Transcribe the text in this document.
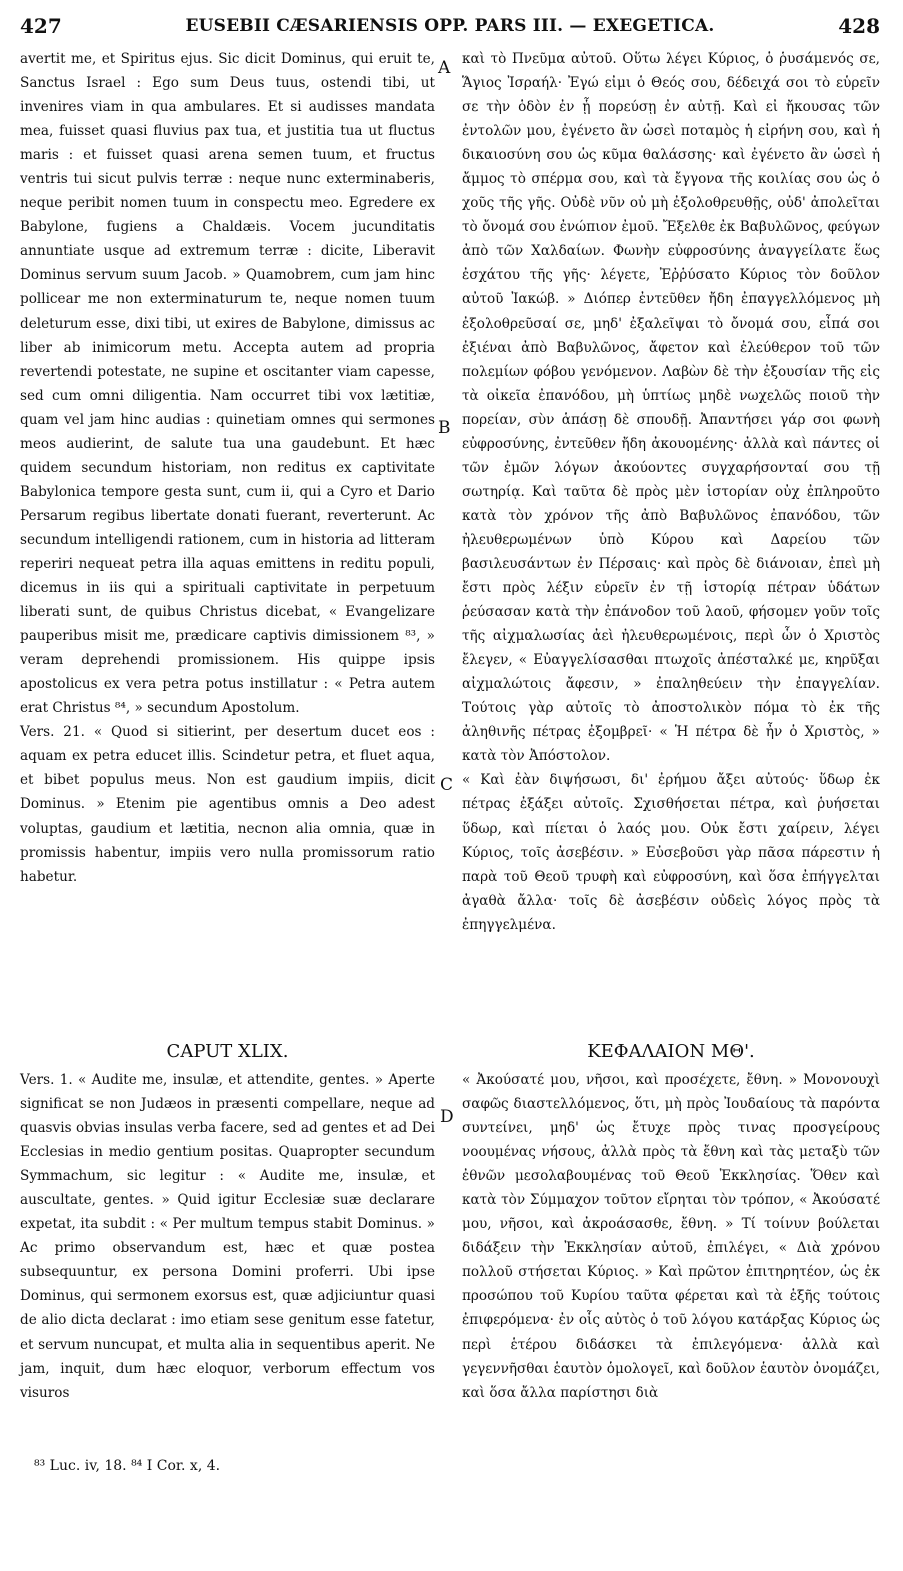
427	EUSEBII CÆSARIENSIS OPP. PARS III. — EXEGETICA.	428
A
B
C
D

avertit me, et Spiritus ejus. Sic dicit Dominus, qui eruit te, Sanctus Israel : Ego sum Deus tuus, ostendi tibi, ut invenires viam in qua ambulares. Et si audisses mandata mea, fuisset quasi fluvius pax tua, et justitia tua ut fluctus maris : et fuisset quasi arena semen tuum, et fructus ventris tui sicut pulvis terræ : neque nunc exterminaberis, neque peribit nomen tuum in conspectu meo. Egredere ex Babylone, fugiens a Chaldæis. Vocem jucunditatis annuntiate usque ad extremum terræ : dicite, Liberavit Dominus servum suum Jacob. » Quamobrem, cum jam hinc pollicear me non exterminaturum te, neque nomen tuum deleturum esse, dixi tibi, ut exires de Babylone, dimissus ac liber ab inimicorum metu. Accepta autem ad propria revertendi potestate, ne supine et oscitanter viam capesse, sed cum omni diligentia. Nam occurret tibi vox lætitiæ, quam vel jam hinc audias : quinetiam omnes qui sermones meos audierint, de salute tua una gaudebunt. Et hæc quidem secundum historiam, non reditus ex captivitate Babylonica tempore gesta sunt, cum ii, qui a Cyro et Dario Persarum regibus libertate donati fuerant, reverterunt. Ac secundum intelligendi rationem, cum in historia ad litteram reperiri nequeat petra illa aquas emittens in reditu populi, dicemus in iis qui a spirituali captivitate in perpetuum liberati sunt, de quibus Christus dicebat, « Evangelizare pauperibus misit me, prædicare captivis dimissionem ⁸³, » veram deprehendi promissionem. His quippe ipsis apostolicus ex vera petra potus instillatur : « Petra autem erat Christus ⁸⁴, » secundum Apostolum.

Vers. 21. « Quod si sitierint, per desertum ducet eos : aquam ex petra educet illis. Scindetur petra, et fluet aqua, et bibet populus meus. Non est gaudium impiis, dicit Dominus. » Etenim pie agentibus omnis a Deo adest voluptas, gaudium et lætitia, necnon alia omnia, quæ in promissis habentur, impiis vero nulla promissorum ratio habetur.

καὶ τὸ Πνεῦμα αὐτοῦ. Οὕτω λέγει Κύριος, ὁ ῥυσάμενός σε, Ἅγιος Ἰσραήλ· Ἐγώ εἰμι ὁ Θεός σου, δέδειχά σοι τὸ εὑρεῖν σε τὴν ὁδὸν ἐν ᾗ πορεύσῃ ἐν αὐτῇ. Καὶ εἰ ἤκουσας τῶν ἐντολῶν μου, ἐγένετο ἂν ὡσεὶ ποταμὸς ἡ εἰρήνη σου, καὶ ἡ δικαιοσύνη σου ὡς κῦμα θαλάσσης· καὶ ἐγένετο ἂν ὡσεὶ ἡ ἄμμος τὸ σπέρμα σου, καὶ τὰ ἔγγονα τῆς κοιλίας σου ὡς ὁ χοῦς τῆς γῆς. Οὐδὲ νῦν οὐ μὴ ἐξολοθρευθῇς, οὐδ' ἀπολεῖται τὸ ὄνομά σου ἐνώπιον ἐμοῦ. Ἔξελθε ἐκ Βαβυλῶνος, φεύγων ἀπὸ τῶν Χαλδαίων. Φωνὴν εὐφροσύνης ἀναγγείλατε ἕως ἐσχάτου τῆς γῆς· λέγετε, Ἐῤῥύσατο Κύριος τὸν δοῦλον αὐτοῦ Ἰακώβ. » Διόπερ ἐντεῦθεν ἤδη ἐπαγγελλόμενος μὴ ἐξολοθρεῦσαί σε, μηδ' ἐξαλεῖψαι τὸ ὄνομά σου, εἶπά σοι ἐξιέναι ἀπὸ Βαβυλῶνος, ἄφετον καὶ ἐλεύθερον τοῦ τῶν πολεμίων φόβου γενόμενον. Λαβὼν δὲ τὴν ἐξουσίαν τῆς εἰς τὰ οἰκεῖα ἐπανόδου, μὴ ὑπτίως μηδὲ νωχελῶς ποιοῦ τὴν πορείαν, σὺν ἁπάσῃ δὲ σπουδῇ. Ἀπαντήσει γάρ σοι φωνὴ εὐφροσύνης, ἐντεῦθεν ἤδη ἀκουομένης· ἀλλὰ καὶ πάντες οἱ τῶν ἐμῶν λόγων ἀκούοντες συγχαρήσονταί σου τῇ σωτηρίᾳ. Καὶ ταῦτα δὲ πρὸς μὲν ἱστορίαν οὐχ ἐπληροῦτο κατὰ τὸν χρόνον τῆς ἀπὸ Βαβυλῶνος ἐπανόδου, τῶν ἠλευθερωμένων ὑπὸ Κύρου καὶ Δαρείου τῶν βασιλευσάντων ἐν Πέρσαις· καὶ πρὸς δὲ διάνοιαν, ἐπεὶ μὴ ἔστι πρὸς λέξιν εὑρεῖν ἐν τῇ ἱστορίᾳ πέτραν ὑδάτων ῥεύσασαν κατὰ τὴν ἐπάνοδον τοῦ λαοῦ, φήσομεν γοῦν τοῖς τῆς αἰχμαλωσίας ἀεὶ ἠλευθερωμένοις, περὶ ὧν ὁ Χριστὸς ἔλεγεν, « Εὐαγγελίσασθαι πτωχοῖς ἀπέσταλκέ με, κηρῦξαι αἰχμαλώτοις ἄφεσιν, » ἐπαληθεύειν τὴν ἐπαγγελίαν. Τούτοις γὰρ αὐτοῖς τὸ ἀποστολικὸν πόμα τὸ ἐκ τῆς ἀληθινῆς πέτρας ἐξομβρεῖ· « Ἡ πέτρα δὲ ἦν ὁ Χριστὸς, » κατὰ τὸν Ἀπόστολον.

« Καὶ ἐὰν διψήσωσι, δι' ἐρήμου ἄξει αὐτούς· ὕδωρ ἐκ πέτρας ἐξάξει αὐτοῖς. Σχισθήσεται πέτρα, καὶ ῥυήσεται ὕδωρ, καὶ πίεται ὁ λαός μου. Οὐκ ἔστι χαίρειν, λέγει Κύριος, τοῖς ἀσεβέσιν. » Εὐσεβοῦσι γὰρ πᾶσα πάρεστιν ἡ παρὰ τοῦ Θεοῦ τρυφὴ καὶ εὐφροσύνη, καὶ ὅσα ἐπήγγελται ἀγαθὰ ἄλλα· τοῖς δὲ ἀσεβέσιν οὐδεὶς λόγος πρὸς τὰ ἐπηγγελμένα.

CAPUT XLIX.	ΚΕΦΑΛΑΙΟΝ ΜΘ'.

Vers. 1. « Audite me, insulæ, et attendite, gentes. » Aperte significat se non Judæos in præsenti compellare, neque ad quasvis obvias insulas verba facere, sed ad gentes et ad Dei Ecclesias in medio gentium positas. Quapropter secundum Symmachum, sic legitur : « Audite me, insulæ, et auscultate, gentes. » Quid igitur Ecclesiæ suæ declarare expetat, ita subdit : « Per multum tempus stabit Dominus. » Ac primo observandum est, hæc et quæ postea subsequuntur, ex persona Domini proferri. Ubi ipse Dominus, qui sermonem exorsus est, quæ adjiciuntur quasi de alio dicta declarat : imo etiam sese genitum esse fatetur, et servum nuncupat, et multa alia in sequentibus aperit. Ne jam, inquit, dum hæc eloquor, verborum effectum vos visuros

« Ἀκούσατέ μου, νῆσοι, καὶ προσέχετε, ἔθνη. » Μονονουχὶ σαφῶς διαστελλόμενος, ὅτι, μὴ πρὸς Ἰουδαίους τὰ παρόντα συντείνει, μηδ' ὡς ἔτυχε πρὸς τινας προσγείρους νοουμένας νήσους, ἀλλὰ πρὸς τὰ ἔθνη καὶ τὰς μεταξὺ τῶν ἐθνῶν μεσολαβουμένας τοῦ Θεοῦ Ἐκκλησίας. Ὅθεν καὶ κατὰ τὸν Σύμμαχον τοῦτον εἴρηται τὸν τρόπον, « Ἀκούσατέ μου, νῆσοι, καὶ ἀκροάσασθε, ἔθνη. » Τί τοίνυν βούλεται διδάξειν τὴν Ἐκκλησίαν αὐτοῦ, ἐπιλέγει, « Διὰ χρόνου πολλοῦ στήσεται Κύριος. » Καὶ πρῶτον ἐπιτηρητέον, ὡς ἐκ προσώπου τοῦ Κυρίου ταῦτα φέρεται καὶ τὰ ἑξῆς τούτοις ἐπιφερόμενα· ἐν οἷς αὐτὸς ὁ τοῦ λόγου κατάρξας Κύριος ὡς περὶ ἑτέρου διδάσκει τὰ ἐπιλεγόμενα· ἀλλὰ καὶ γεγεννῆσθαι ἑαυτὸν ὁμολογεῖ, καὶ δοῦλον ἑαυτὸν ὀνομάζει, καὶ ὅσα ἄλλα παρίστησι διὰ

⁸³ Luc. iv, 18. ⁸⁴ I Cor. x, 4.
